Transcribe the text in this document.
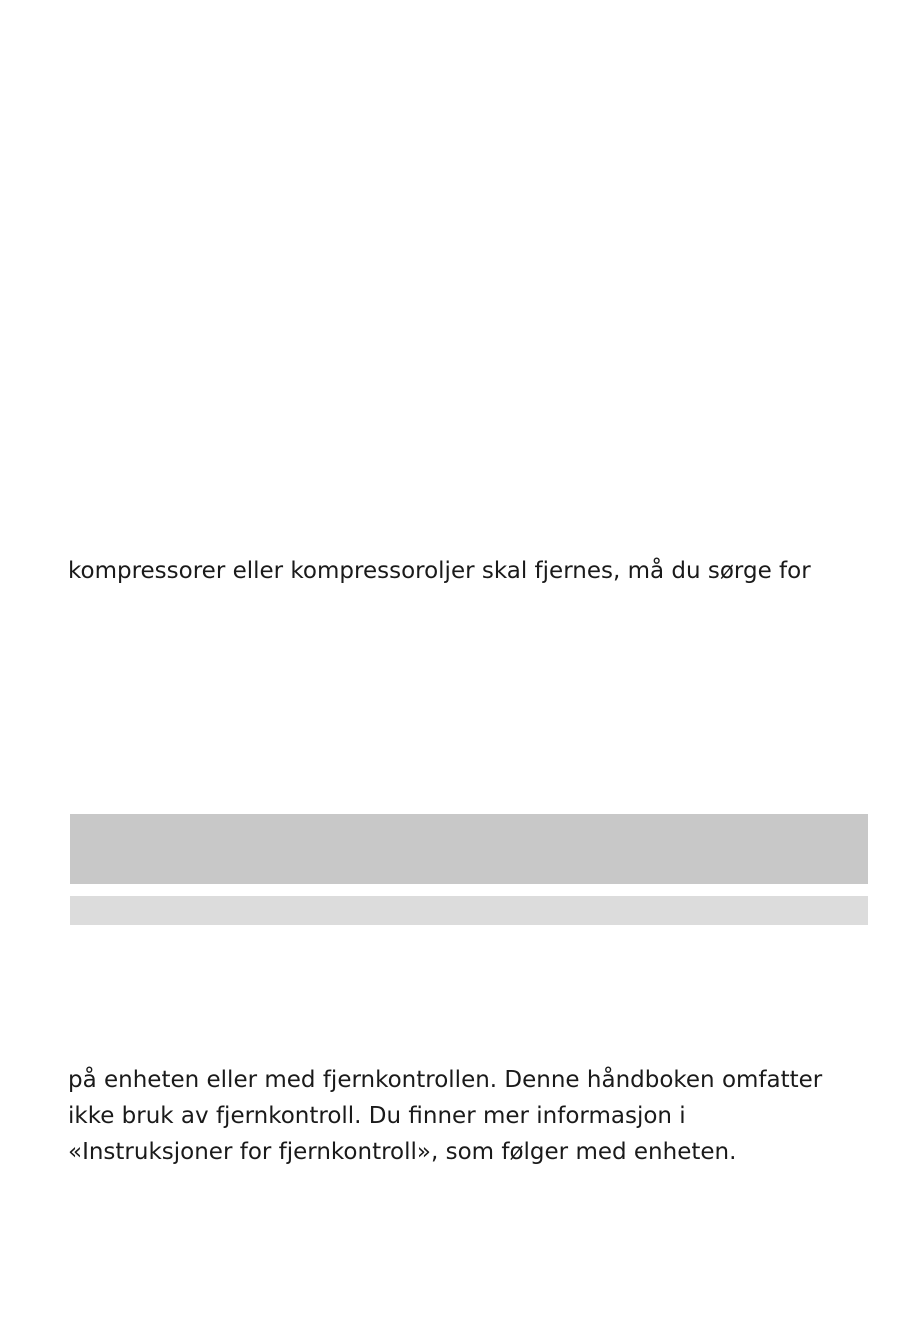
kompressorer eller kompressoroljer skal fjernes, må du sørge for
på enheten eller med fjernkontrollen. Denne håndboken omfatter
ikke bruk av fjernkontroll. Du finner mer informasjon i
«Instruksjoner for fjernkontroll», som følger med enheten.
